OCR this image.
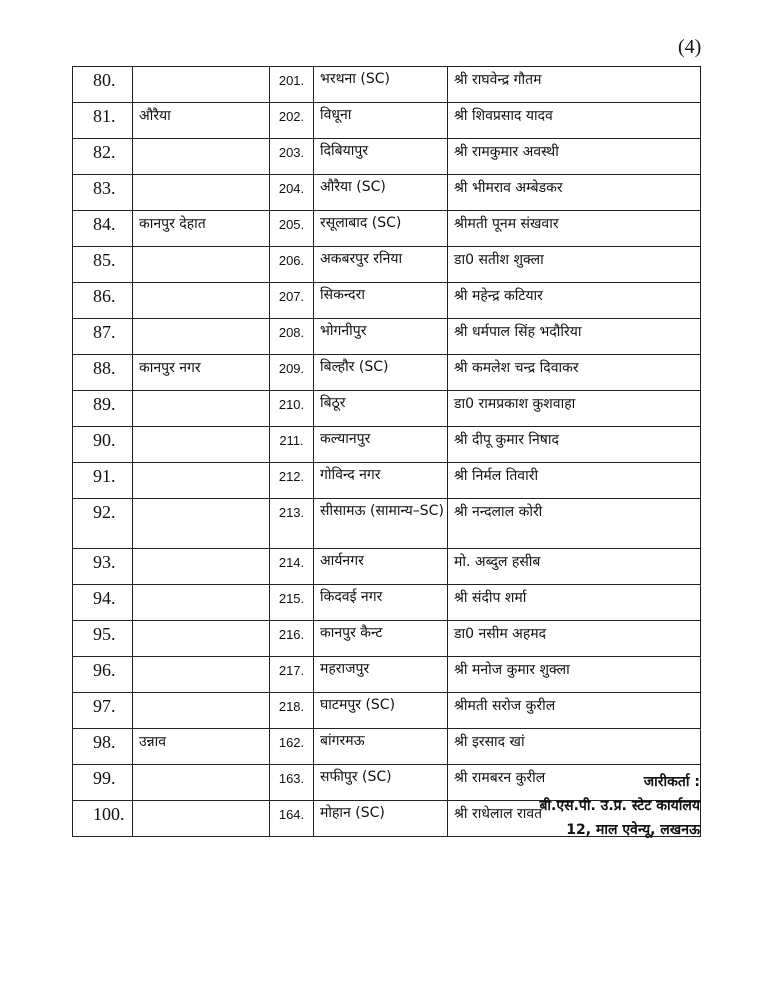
(4)
80.		201.	भरथना (SC)	श्री राघवेन्द्र गौतम
81.	औरैया	202.	विधूना	श्री शिवप्रसाद यादव
82.		203.	दिबियापुर	श्री रामकुमार अवस्थी
83.		204.	औरैया (SC)	श्री भीमराव अम्बेडकर
84.	कानपुर देहात	205.	रसूलाबाद (SC)	श्रीमती पूनम संखवार
85.		206.	अकबरपुर रनिया	डा0 सतीश शुक्ला
86.		207.	सिकन्दरा	श्री महेन्द्र कटियार
87.		208.	भोगनीपुर	श्री धर्मपाल सिंह भदौरिया
88.	कानपुर नगर	209.	बिल्हौर (SC)	श्री कमलेश चन्द्र दिवाकर
89.		210.	बिठूर	डा0 रामप्रकाश कुशवाहा
90.		211.	कल्यानपुर	श्री दीपू कुमार निषाद
91.		212.	गोविन्द नगर	श्री निर्मल तिवारी
92.		213.	सीसामऊ (सामान्य–SC)	श्री नन्दलाल कोरी
93.		214.	आर्यनगर	मो. अब्दुल हसीब
94.		215.	किदवई नगर	श्री संदीप शर्मा
95.		216.	कानपुर कैन्ट	डा0 नसीम अहमद
96.		217.	महराजपुर	श्री मनोज कुमार शुक्ला
97.		218.	घाटमपुर (SC)	श्रीमती सरोज कुरील
98.	उन्नाव	162.	बांगरमऊ	श्री इरसाद खां
99.		163.	सफीपुर (SC)	श्री रामबरन कुरील
100.		164.	मोहान (SC)	श्री राधेलाल रावत
जारीकर्ता :
बी.एस.पी. उ.प्र. स्टेट कार्यालय
12, माल एवेन्यू, लखनऊ
